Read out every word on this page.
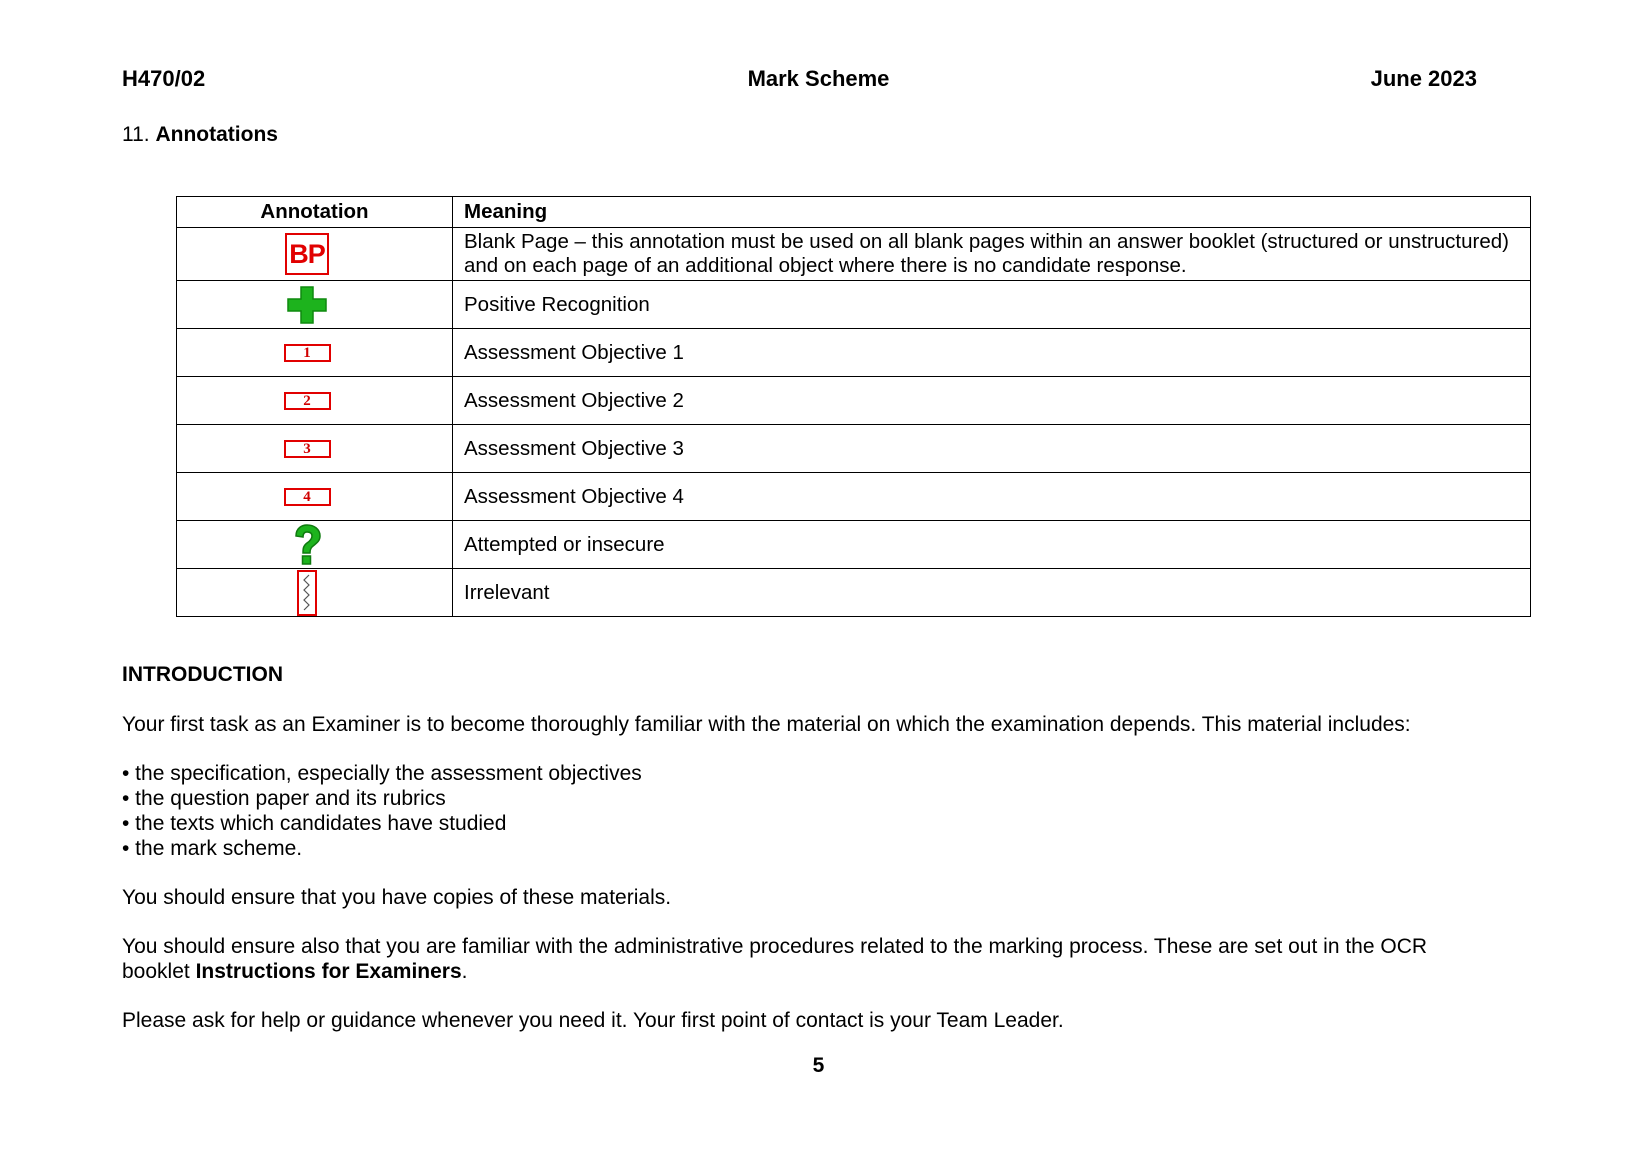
H470/02	Mark Scheme	June 2023
11. Annotations
Annotation	Meaning
BP	Blank Page – this annotation must be used on all blank pages within an answer booklet (structured or unstructured) and on each page of an additional object where there is no candidate response.
	Positive Recognition
1	Assessment Objective 1
2	Assessment Objective 2
3	Assessment Objective 3
4	Assessment Objective 4
	Attempted or insecure
	Irrelevant
INTRODUCTION
Your first task as an Examiner is to become thoroughly familiar with the material on which the examination depends. This material includes:
• the specification, especially the assessment objectives
• the question paper and its rubrics
• the texts which candidates have studied
• the mark scheme.
You should ensure that you have copies of these materials.
You should ensure also that you are familiar with the administrative procedures related to the marking process. These are set out in the OCR booklet Instructions for Examiners.
Please ask for help or guidance whenever you need it. Your first point of contact is your Team Leader.
5
